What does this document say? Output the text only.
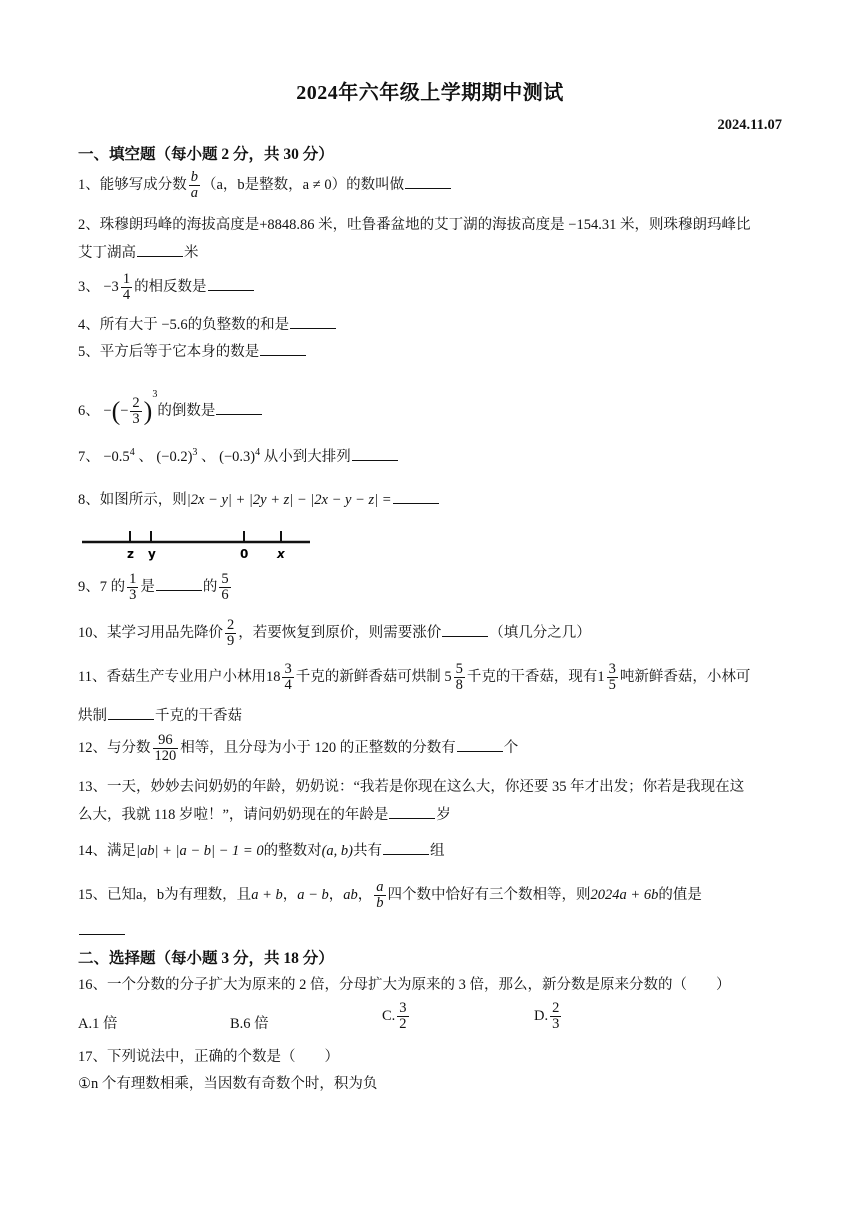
2024年六年级上学期期中测试
2024.11.07
一、填空题（每小题 2 分，共 30 分）
1、能够写成分数 $\frac{b}{a} (a$，b是整数，a ≠ 0）的数叫做
2、珠穆朗玛峰的海拔高度是+8848.86 米，吐鲁番盆地的艾丁湖的海拔高度是 −154.31 米，则珠穆朗玛峰比
艾丁湖高	米
3、 $-3 \frac{1}{4}$ 的相反数是
4、所有大于 −5.6的负整数的和是
5、平方后等于它本身的数是
6、 −(− $\frac{2}{3} )^3$的倒数是
7、 $-0.5^4$ 、 $(-0.2)^3$ 、 $(-0.3)^4$ 从小到大排列
8、如图所示，则|2x − y| + |2y + z| − |2x − y − z| =
z y	0 x
9、7 的 $\frac{1}{3}$ 是	的 $\frac{5}{6}$
10、某学习用品先降价 $\frac{2}{9}$ ，若要恢复到原价，则需要涨价	（填几分之几）
11、香菇生产专业用户小林用$18 \frac{3}{4}$ 千克的新鲜香菇可烘制 $5 \frac{5}{8}$ 千克的干香菇，现有$1 \frac{3}{5}$ 吨新鲜香菇，小林可
烘制	千克的干香菇
12、与分数 $\frac{96}{120}$ 相等，且分母为小于 120 的正整数的分数有	个
13、一天，妙妙去问奶奶的年龄，奶奶说：“我若是你现在这么大，你还要 35 年才出发；你若是我现在这
么大，我就 118 岁啦！”，请问奶奶现在的年龄是	岁
14、满足|ab| + |a − b| − 1 = 0的整数对(a, b)共有	组
15、已知a，b为有理数，且a + b，a − b，ab， $\frac{a}{b}$ 四个数中恰好有三个数相等，则2024a + 6b的值是
二、选择题（每小题 3 分，共 18 分）
16、一个分数的分子扩大为原来的 2 倍，分母扩大为原来的 3 倍，那么，新分数是原来分数的（　　）
A.1 倍	B.6 倍	C. $\frac{3}{2}$	D. $\frac{2}{3}$
17、下列说法中，正确的个数是（　　）
①n 个有理数相乘，当因数有奇数个时，积为负
